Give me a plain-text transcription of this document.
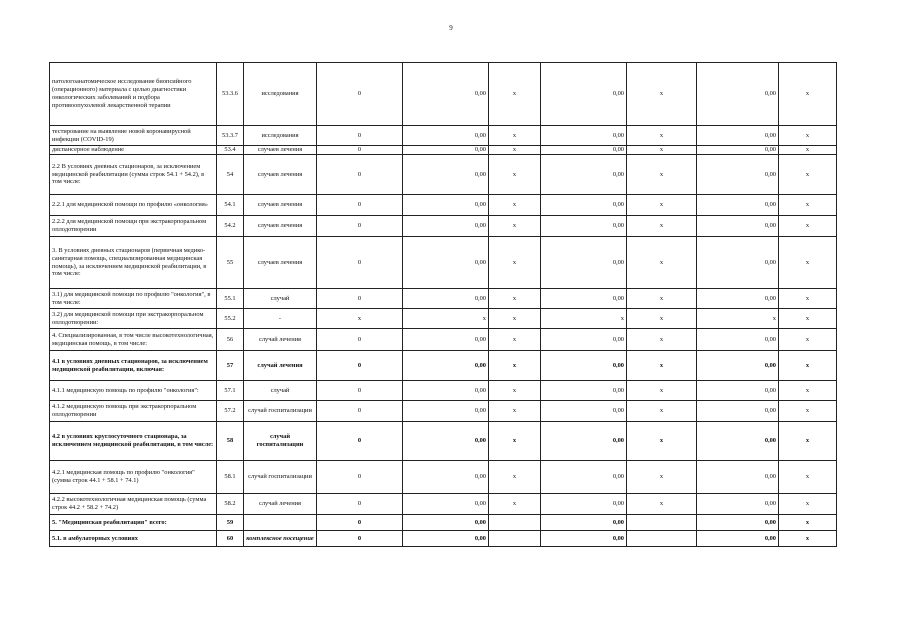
9
патологоанатомическое исследование биопсийного (операционного) материала с целью диагностики онкологических заболеваний и подбора противоопухолевой лекарственной терапии	53.3.6	исследования	0	0,00	x	0,00	x	0,00	x
тестирование на выявление новой коронавирусной инфекции (COVID-19)	53.3.7	исследования	0	0,00	x	0,00	x	0,00	x
диспансерное наблюдение	53.4	случаев лечения	0	0,00	x	0,00	x	0,00	x
2.2 В условиях дневных стационаров, за исключением медицинской реабилитации (сумма строк 54.1 + 54.2), в том числе:	54	случаев лечения	0	0,00	x	0,00	x	0,00	x
2.2.1 для медицинской помощи по профилю «онкология»	54.1	случаев лечения	0	0,00	x	0,00	x	0,00	x
2.2.2 для медицинской помощи при экстракорпоральном оплодотворении	54.2	случаев лечения	0	0,00	x	0,00	x	0,00	x
3. В условиях дневных стационаров (первичная медико-санитарная помощь, специализированная медицинская помощь), за исключением медицинской реабилитации, в том числе:	55	случаев лечения	0	0,00	x	0,00	x	0,00	x
3.1) для медицинской помощи по профилю "онкология", в том числе:	55.1	случай	0	0,00	x	0,00	x	0,00	x
3.2) для медицинской помощи при экстракорпоральном оплодотворении:	55.2	-	x	x	x	x	x	x	x
4. Специализированная, в том числе высокотехнологичная, медицинская помощь, в том числе:	56	случай лечения	0	0,00	x	0,00	x	0,00	x
4.1 в условиях дневных стационаров, за исключением медицинской реабилитации, включая:	57	случай лечения	0	0,00	x	0,00	x	0,00	x
4.1.1 медицинскую помощь по профилю "онкология":	57.1	случай	0	0,00	x	0,00	x	0,00	x
4.1.2 медицинскую помощь при экстракорпоральном оплодотворении	57.2	случай госпитализации	0	0,00	x	0,00	x	0,00	x
4.2 в условиях круглосуточного стационара, за исключением медицинской реабилитации, в том числе:	58	случай госпитализации	0	0,00	x	0,00	x	0,00	x
4.2.1 медицинская помощь по профилю "онкология" (сумма строк 44.1 + 58.1 + 74.1)	58.1	случай госпитализации	0	0,00	x	0,00	x	0,00	x
4.2.2 высокотехнологичная медицинская помощь (сумма строк 44.2 + 58.2 + 74.2)	58.2	случай лечения	0	0,00	x	0,00	x	0,00	x
5. "Медицинская реабилитация" всего:	59		0	0,00		0,00		0,00	x
5.1. в амбулаторных условиях	60	комплексное посещение	0	0,00		0,00		0,00	x
